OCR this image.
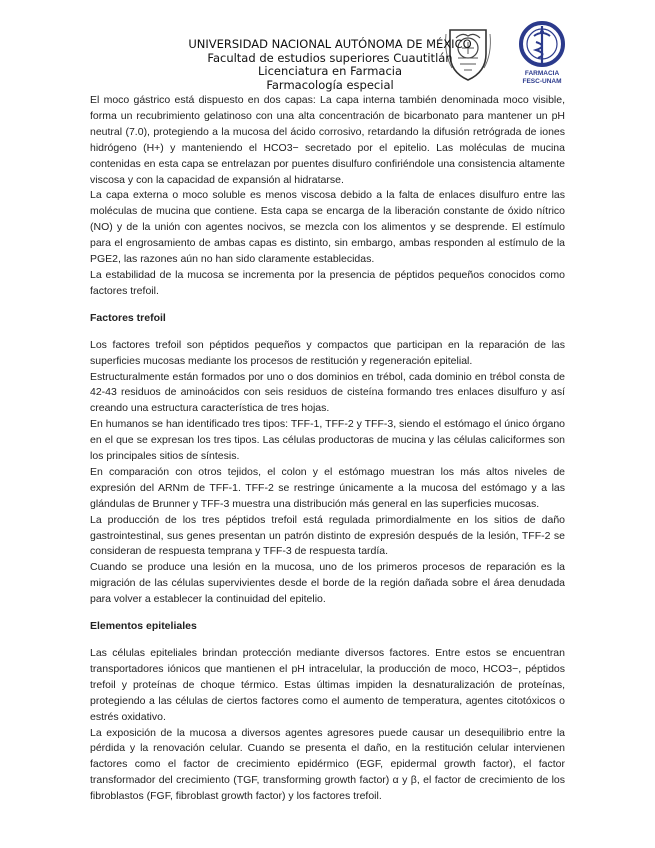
FARMACIA
FESC-UNAM
UNIVERSIDAD NACIONAL AUTÓNOMA DE MÉXICO
Facultad de estudios superiores Cuautitlán
Licenciatura en Farmacia
Farmacología especial

El moco gástrico está dispuesto en dos capas: La capa interna también denominada moco visible, forma un recubrimiento gelatinoso con una alta concentración de bicarbonato para mantener un pH neutral (7.0), protegiendo a la mucosa del ácido corrosivo, retardando la difusión retrógrada de iones hidrógeno (H+) y manteniendo el HCO3− secretado por el epitelio. Las moléculas de mucina contenidas en esta capa se entrelazan por puentes disulfuro confiriéndole una consistencia altamente viscosa y con la capacidad de expansión al hidratarse.

La capa externa o moco soluble es menos viscosa debido a la falta de enlaces disulfuro entre las moléculas de mucina que contiene. Esta capa se encarga de la liberación constante de óxido nítrico (NO) y de la unión con agentes nocivos, se mezcla con los alimentos y se desprende. El estímulo para el engrosamiento de ambas capas es distinto, sin embargo, ambas responden al estímulo de la PGE2, las razones aún no han sido claramente establecidas.

La estabilidad de la mucosa se incrementa por la presencia de péptidos pequeños conocidos como factores trefoil.

Factores trefoil

Los factores trefoil son péptidos pequeños y compactos que participan en la reparación de las superficies mucosas mediante los procesos de restitución y regeneración epitelial.

Estructuralmente están formados por uno o dos dominios en trébol, cada dominio en trébol consta de 42-43 residuos de aminoácidos con seis residuos de cisteína formando tres enlaces disulfuro y así creando una estructura característica de tres hojas.

En humanos se han identificado tres tipos: TFF-1, TFF-2 y TFF-3, siendo el estómago el único órgano en el que se expresan los tres tipos. Las células productoras de mucina y las células caliciformes son los principales sitios de síntesis.

En comparación con otros tejidos, el colon y el estómago muestran los más altos niveles de expresión del ARNm de TFF-1. TFF-2 se restringe únicamente a la mucosa del estómago y a las glándulas de Brunner y TFF-3 muestra una distribución más general en las superficies mucosas.

La producción de los tres péptidos trefoil está regulada primordialmente en los sitios de daño gastrointestinal, sus genes presentan un patrón distinto de expresión después de la lesión, TFF-2 se consideran de respuesta temprana y TFF-3 de respuesta tardía.

Cuando se produce una lesión en la mucosa, uno de los primeros procesos de reparación es la migración de las células supervivientes desde el borde de la región dañada sobre el área denudada para volver a establecer la continuidad del epitelio.

Elementos epiteliales

Las células epiteliales brindan protección mediante diversos factores. Entre estos se encuentran transportadores iónicos que mantienen el pH intracelular, la producción de moco, HCO3−, péptidos trefoil y proteínas de choque térmico. Estas últimas impiden la desnaturalización de proteínas, protegiendo a las células de ciertos factores como el aumento de temperatura, agentes citotóxicos o estrés oxidativo.

La exposición de la mucosa a diversos agentes agresores puede causar un desequilibrio entre la pérdida y la renovación celular. Cuando se presenta el daño, en la restitución celular intervienen factores como el factor de crecimiento epidérmico (EGF, epidermal growth factor), el factor transformador del crecimiento (TGF, transforming growth factor) α y β, el factor de crecimiento de los fibroblastos (FGF, fibroblast growth factor) y los factores trefoil.
